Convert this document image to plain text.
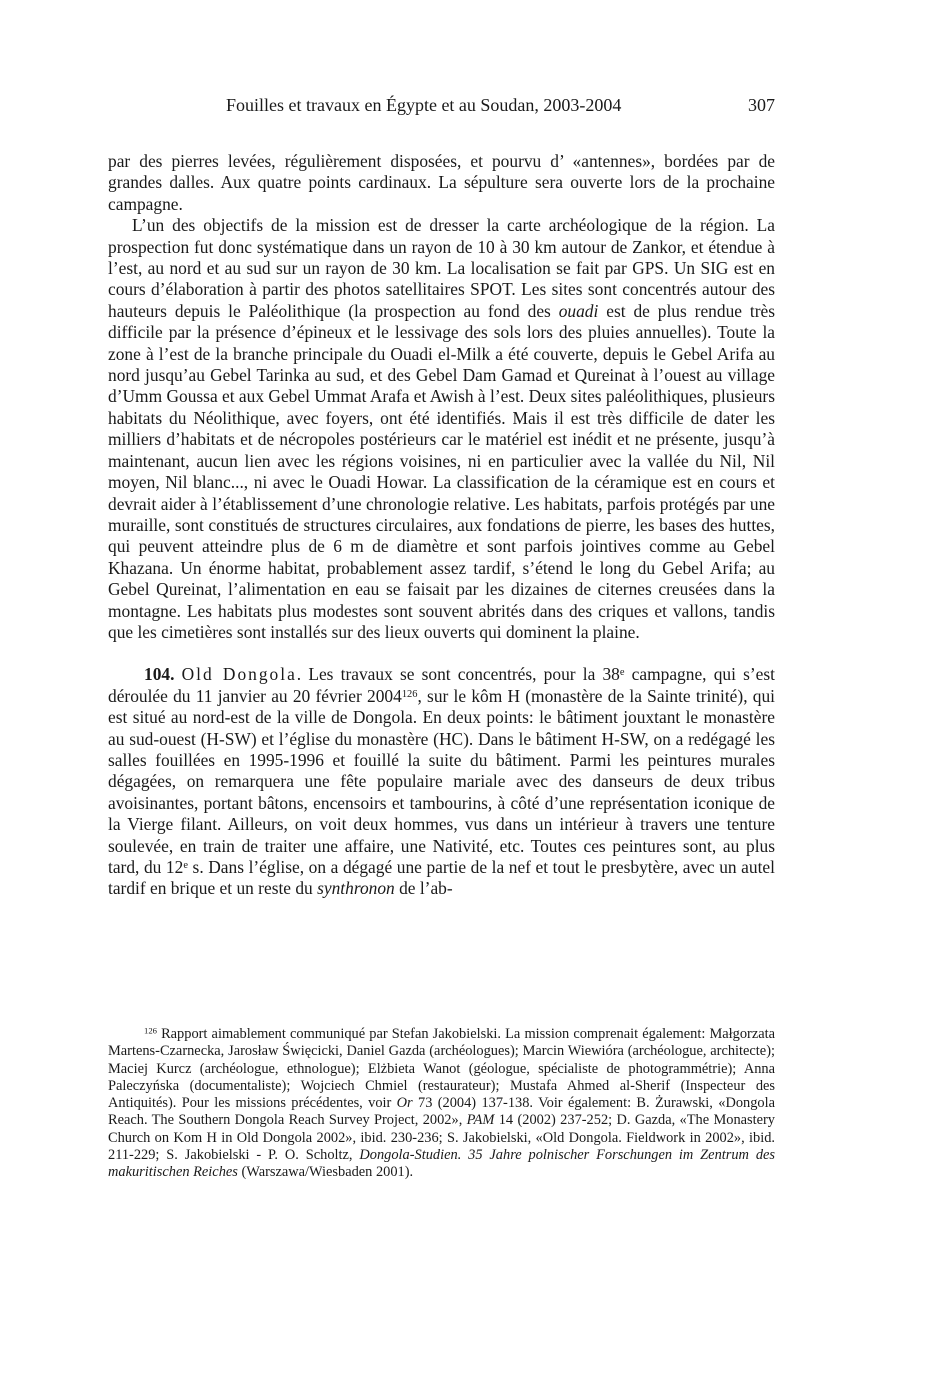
Fouilles et travaux en Égypte et au Soudan, 2003-2004	307

par des pierres levées, régulièrement disposées, et pourvu d’ «antennes», bordées par de grandes dalles. Aux quatre points cardinaux. La sépulture sera ouverte lors de la prochaine campagne.

L’un des objectifs de la mission est de dresser la carte archéologique de la région. La prospection fut donc systématique dans un rayon de 10 à 30 km autour de Zankor, et étendue à l’est, au nord et au sud sur un rayon de 30 km. La localisation se fait par GPS. Un SIG est en cours d’élaboration à partir des photos satellitaires SPOT. Les sites sont concentrés autour des hauteurs depuis le Paléolithique (la prospection au fond des ouadi est de plus rendue très difficile par la présence d’épineux et le lessivage des sols lors des pluies annuelles). Toute la zone à l’est de la branche principale du Ouadi el-Milk a été couverte, depuis le Gebel Arifa au nord jusqu’au Gebel Tarinka au sud, et des Gebel Dam Gamad et Qureinat à l’ouest au village d’Umm Goussa et aux Gebel Ummat Arafa et Awish à l’est. Deux sites paléolithiques, plusieurs habitats du Néolithique, avec foyers, ont été identifiés. Mais il est très difficile de dater les milliers d’habitats et de nécropoles postérieurs car le matériel est inédit et ne présente, jusqu’à maintenant, aucun lien avec les régions voisines, ni en particulier avec la vallée du Nil, Nil moyen, Nil blanc..., ni avec le Ouadi Howar. La classification de la céramique est en cours et devrait aider à l’établissement d’une chronologie relative. Les habitats, parfois protégés par une muraille, sont constitués de structures circulaires, aux fondations de pierre, les bases des huttes, qui peuvent atteindre plus de 6 m de diamètre et sont parfois jointives comme au Gebel Khazana. Un énorme habitat, probablement assez tardif, s’étend le long du Gebel Arifa; au Gebel Qureinat, l’alimentation en eau se faisait par les dizaines de citernes creusées dans la montagne. Les habitats plus modestes sont souvent abrités dans des criques et vallons, tandis que les cimetières sont installés sur des lieux ouverts qui dominent la plaine.

104. Old Dongola. Les travaux se sont concentrés, pour la 38e campagne, qui s’est déroulée du 11 janvier au 20 février 2004$^{126}$, sur le kôm H (monastère de la Sainte trinité), qui est situé au nord-est de la ville de Dongola. En deux points: le bâtiment jouxtant le monastère au sud-ouest (H-SW) et l’église du monastère (HC). Dans le bâtiment H-SW, on a redégagé les salles fouillées en 1995-1996 et fouillé la suite du bâtiment. Parmi les peintures murales dégagées, on remarquera une fête populaire mariale avec des danseurs de deux tribus avoisinantes, portant bâtons, encensoirs et tambourins, à côté d’une représentation iconique de la Vierge filant. Ailleurs, on voit deux hommes, vus dans un intérieur à travers une tenture soulevée, en train de traiter une affaire, une Nativité, etc. Toutes ces peintures sont, au plus tard, du 12e s. Dans l’église, on a dégagé une partie de la nef et tout le presbytère, avec un autel tardif en brique et un reste du synthronon de l’ab-

$^{126}$ Rapport aimablement communiqué par Stefan Jakobielski. La mission comprenait également: Małgorzata Martens-Czarnecka, Jarosław Święcicki, Daniel Gazda (archéologues); Marcin Wiewióra (archéologue, architecte); Maciej Kurcz (archéologue, ethnologue); Elżbieta Wanot (géologue, spécialiste de photogrammétrie); Anna Paleczyńska (documentaliste); Wojciech Chmiel (restaurateur); Mustafa Ahmed al-Sherif (Inspecteur des Antiquités). Pour les missions précédentes, voir Or 73 (2004) 137-138. Voir également: B. Żurawski, «Dongola Reach. The Southern Dongola Reach Survey Project, 2002», PAM 14 (2002) 237-252; D. Gazda, «The Monastery Church on Kom H in Old Dongola 2002», ibid. 230-236; S. Jakobielski, «Old Dongola. Fieldwork in 2002», ibid. 211-229; S. Jakobielski - P. O. Scholtz, Dongola-Studien. 35 Jahre polnischer Forschungen im Zentrum des makuritischen Reiches (Warszawa/Wiesbaden 2001).
